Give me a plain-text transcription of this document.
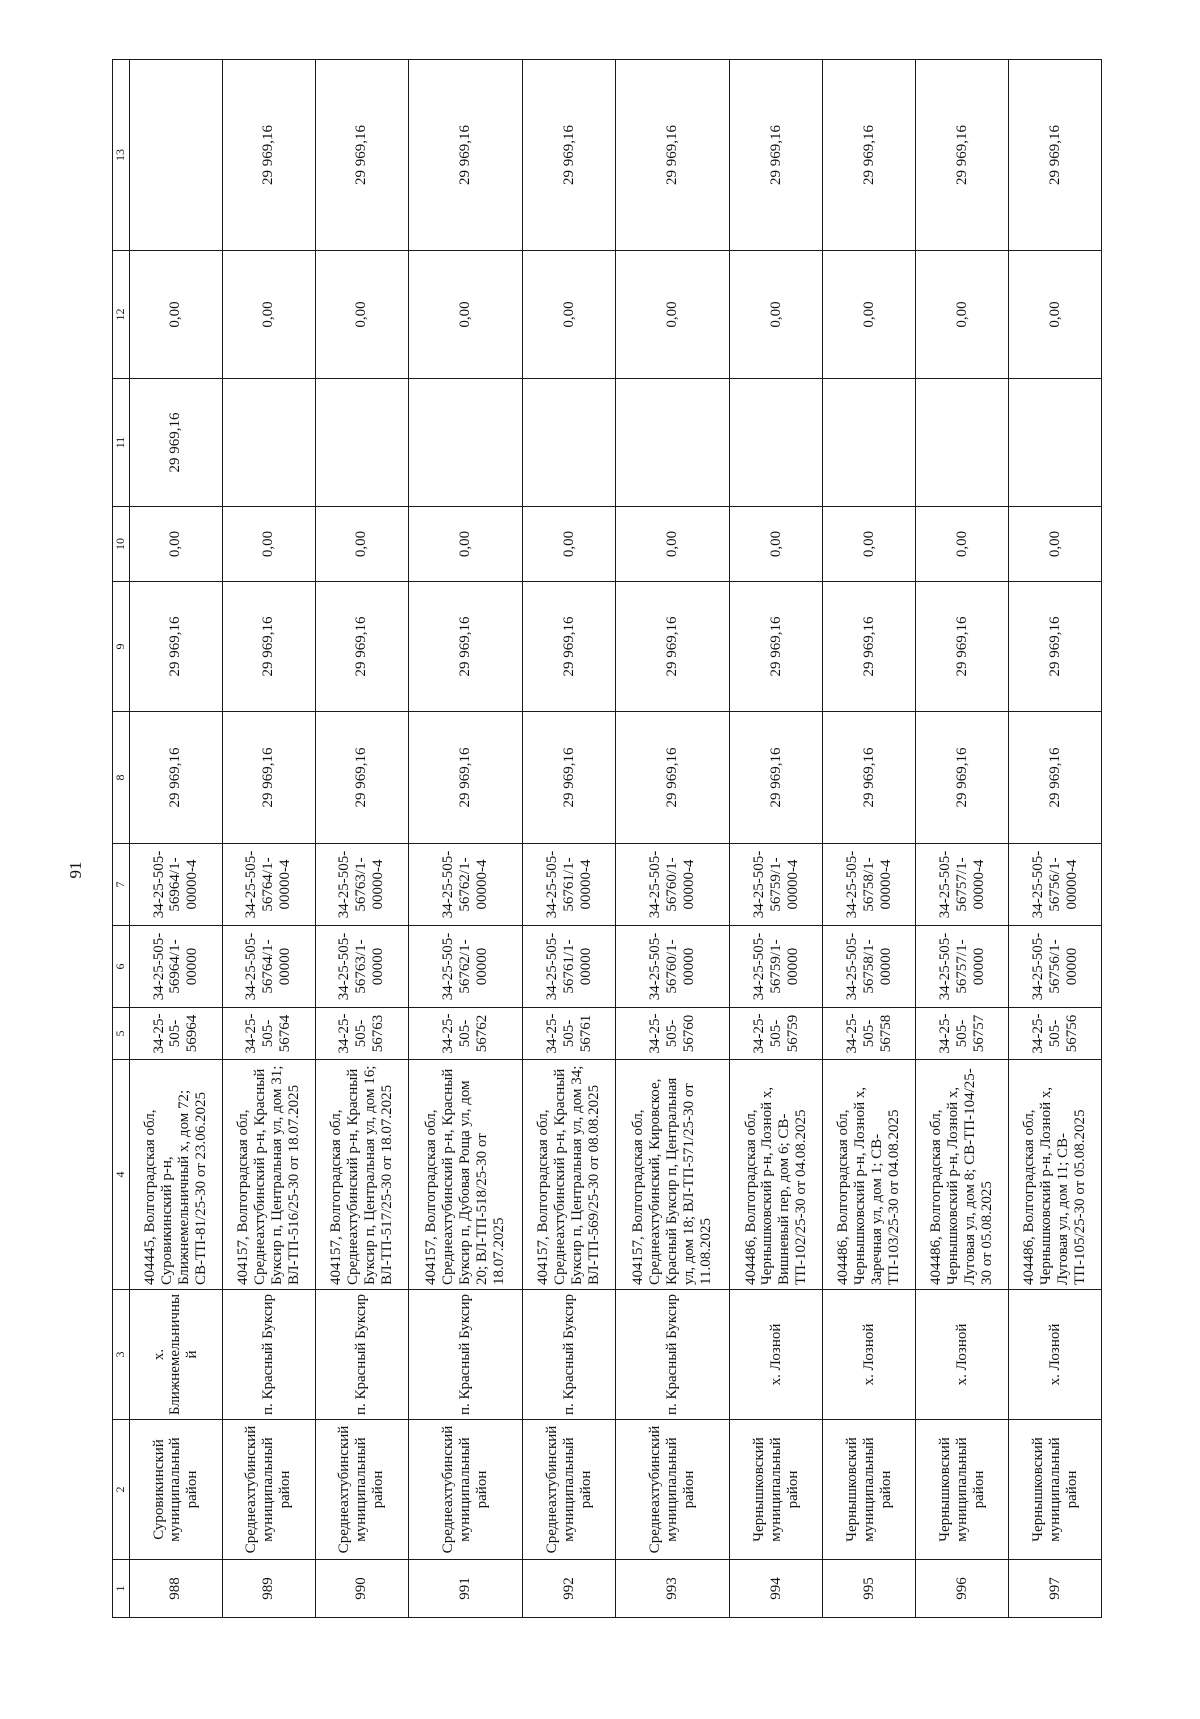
91
1	2	3	4	5	6	7	8	9	10	11	12	13
988	Суровикинский муниципальный район	х. Ближнемельничны й	404445, Волгоградская обл, Суровикинский р-н, Ближнемельничный х, дом 72; СВ-ТП-81/25-30 от 23.06.2025	34-25-505-56964	34-25-505-56964/1-00000	34-25-505-56964/1-00000-4	29 969,16	29 969,16	0,00	29 969,16	0,00	
989	Среднеахтубинский муниципальный район	п. Красный Буксир	404157, Волгоградская обл, Среднеахтубинский р-н, Красный Буксир п, Центральная ул, дом 31; ВЛ-ТП-516/25-30 от 18.07.2025	34-25-505-56764	34-25-505-56764/1-00000	34-25-505-56764/1-00000-4	29 969,16	29 969,16	0,00		0,00	29 969,16
990	Среднеахтубинский муниципальный район	п. Красный Буксир	404157, Волгоградская обл, Среднеахтубинский р-н, Красный Буксир п, Центральная ул, дом 16; ВЛ-ТП-517/25-30 от 18.07.2025	34-25-505-56763	34-25-505-56763/1-00000	34-25-505-56763/1-00000-4	29 969,16	29 969,16	0,00		0,00	29 969,16
991	Среднеахтубинский муниципальный район	п. Красный Буксир	404157, Волгоградская обл, Среднеахтубинский р-н, Красный Буксир п, Дубовая Роща ул, дом 20; ВЛ-ТП-518/25-30 от 18.07.2025	34-25-505-56762	34-25-505-56762/1-00000	34-25-505-56762/1-00000-4	29 969,16	29 969,16	0,00		0,00	29 969,16
992	Среднеахтубинский муниципальный район	п. Красный Буксир	404157, Волгоградская обл, Среднеахтубинский р-н, Красный Буксир п, Центральная ул, дом 34; ВЛ-ТП-569/25-30 от 08.08.2025	34-25-505-56761	34-25-505-56761/1-00000	34-25-505-56761/1-00000-4	29 969,16	29 969,16	0,00		0,00	29 969,16
993	Среднеахтубинский муниципальный район	п. Красный Буксир	404157, Волгоградская обл, Среднеахтубинский, Кировское, Красный Буксир п, Центральная ул, дом 18; ВЛ-ТП-571/25-30 от 11.08.2025	34-25-505-56760	34-25-505-56760/1-00000	34-25-505-56760/1-00000-4	29 969,16	29 969,16	0,00		0,00	29 969,16
994	Чернышковский муниципальный район	х. Лозной	404486, Волгоградская обл, Чернышковский р-н, Лозной х, Вишневый пер, дом 6; СВ-ТП-102/25-30 от 04.08.2025	34-25-505-56759	34-25-505-56759/1-00000	34-25-505-56759/1-00000-4	29 969,16	29 969,16	0,00		0,00	29 969,16
995	Чернышковский муниципальный район	х. Лозной	404486, Волгоградская обл, Чернышковский р-н, Лозной х, Заречная ул, дом 1; СВ-ТП-103/25-30 от 04.08.2025	34-25-505-56758	34-25-505-56758/1-00000	34-25-505-56758/1-00000-4	29 969,16	29 969,16	0,00		0,00	29 969,16
996	Чернышковский муниципальный район	х. Лозной	404486, Волгоградская обл, Чернышковский р-н, Лозной х, Луговая ул, дом 8; СВ-ТП-104/25-30 от 05.08.2025	34-25-505-56757	34-25-505-56757/1-00000	34-25-505-56757/1-00000-4	29 969,16	29 969,16	0,00		0,00	29 969,16
997	Чернышковский муниципальный район	х. Лозной	404486, Волгоградская обл, Чернышковский р-н, Лозной х, Луговая ул, дом 11; СВ-ТП-105/25-30 от 05.08.2025	34-25-505-56756	34-25-505-56756/1-00000	34-25-505-56756/1-00000-4	29 969,16	29 969,16	0,00		0,00	29 969,16
